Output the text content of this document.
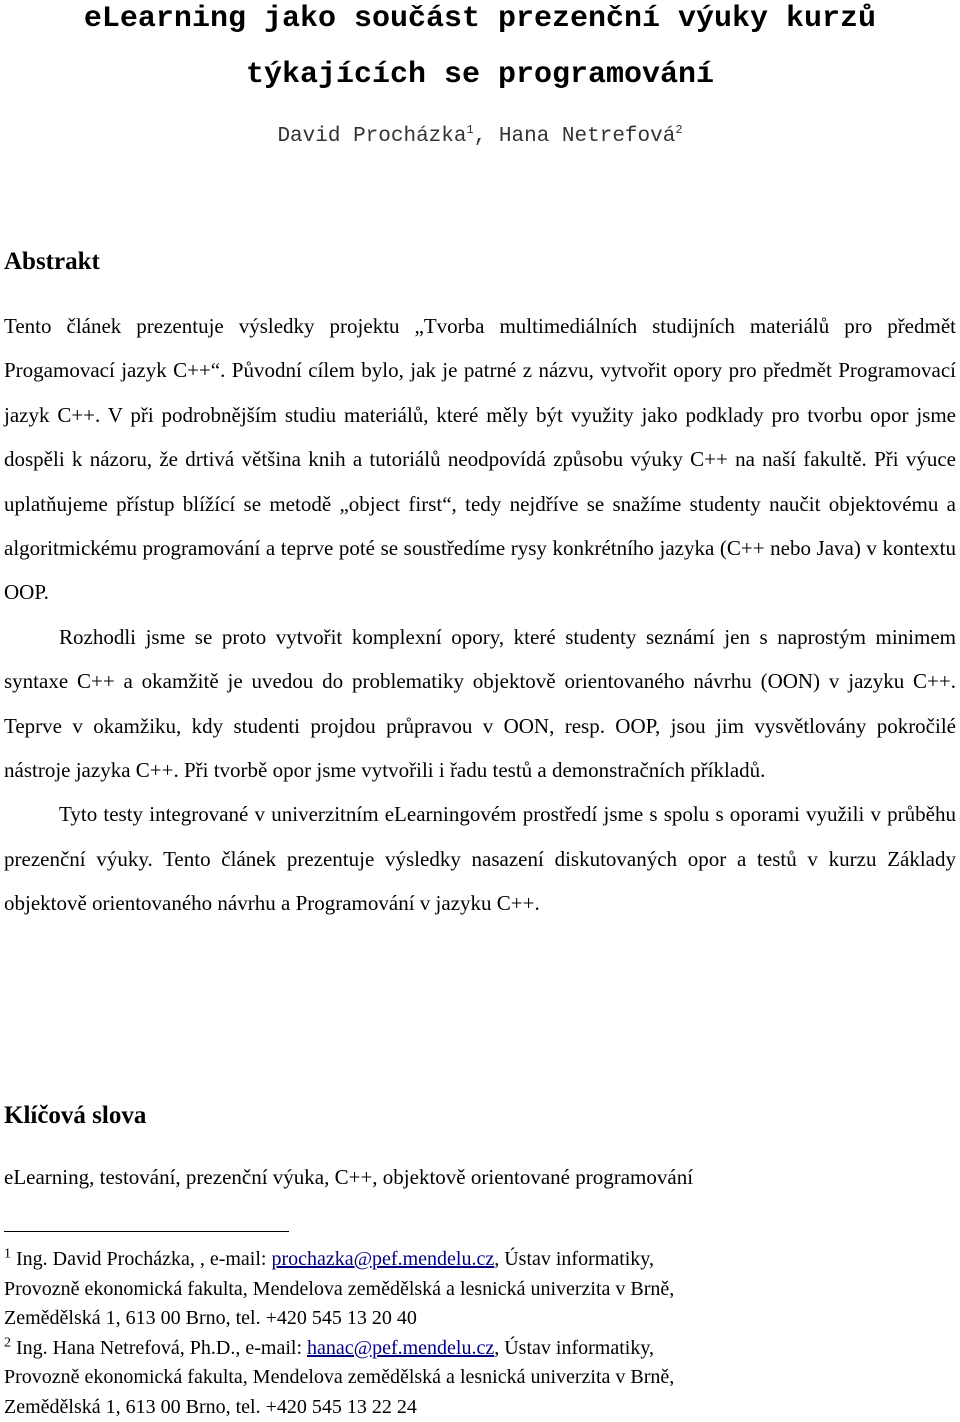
eLearning jako součást prezenční výuky kurzů
týkajících se programování
David Procházka$^1$, Hana Netrefová$^2$
Abstrakt

Tento článek prezentuje výsledky projektu „Tvorba multimediálních studijních materiálů pro předmět Progamovací jazyk C++“. Původní cílem bylo, jak je patrné z názvu, vytvořit opory pro předmět Programovací jazyk C++. V při podrobnějším studiu materiálů, které měly být využity jako podklady pro tvorbu opor jsme dospěli k názoru, že drtivá většina knih a tutoriálů neodpovídá způsobu výuky C++ na naší fakultě. Při výuce uplatňujeme přístup blížící se metodě „object first“, tedy nejdříve se snažíme studenty naučit objektovému a algoritmickému programování a teprve poté se soustředíme rysy konkrétního jazyka (C++ nebo Java) v kontextu OOP.

Rozhodli jsme se proto vytvořit komplexní opory, které studenty seznámí jen s naprostým minimem syntaxe C++ a okamžitě je uvedou do problematiky objektově orientovaného návrhu (OON) v jazyku C++. Teprve v okamžiku, kdy studenti projdou průpravou v OON, resp. OOP, jsou jim vysvětlovány pokročilé nástroje jazyka C++. Při tvorbě opor jsme vytvořili i řadu testů a demonstračních příkladů.

Tyto testy integrované v univerzitním eLearningovém prostředí jsme s spolu s oporami využili v průběhu prezenční výuky. Tento článek prezentuje výsledky nasazení diskutovaných opor a testů v kurzu Základy objektově orientovaného návrhu a Programování v jazyku C++.

Klíčová slova

eLearning, testování, prezenční výuka, C++, objektově orientované programování

$^1$ Ing. David Procházka, , e-mail: prochazka@pef.mendelu.cz, Ústav informatiky,

Provozně ekonomická fakulta, Mendelova zemědělská a lesnická univerzita v Brně,

Zemědělská 1, 613 00 Brno, tel. +420 545 13 20 40

$^2$ Ing. Hana Netrefová, Ph.D., e-mail: hanac@pef.mendelu.cz, Ústav informatiky,

Provozně ekonomická fakulta, Mendelova zemědělská a lesnická univerzita v Brně,

Zemědělská 1, 613 00 Brno, tel. +420 545 13 22 24
